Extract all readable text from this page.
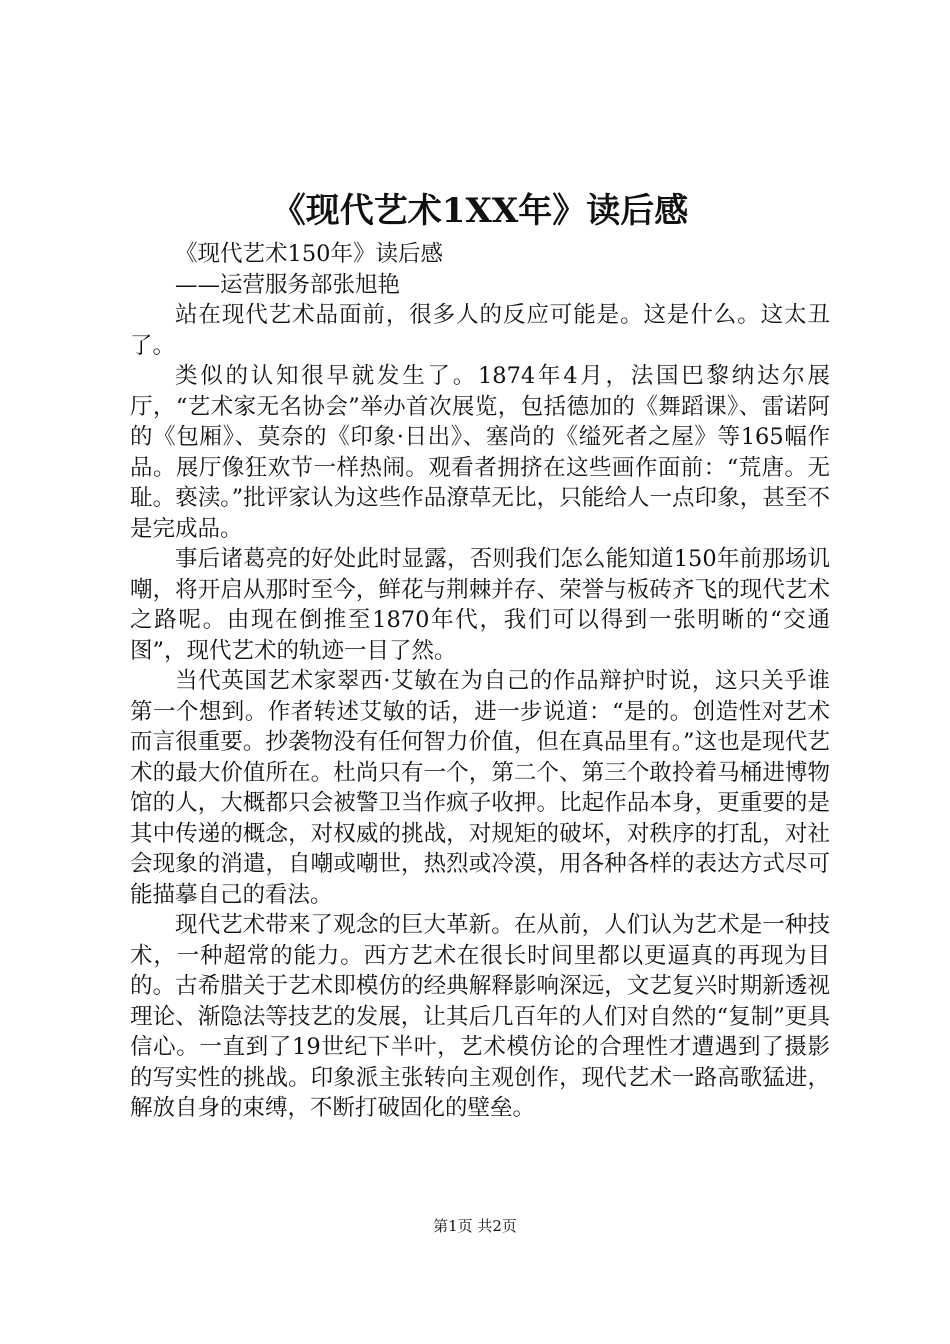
《现代艺术1XX年》读后感

《现代艺术150年》读后感

——运营服务部张旭艳

站在现代艺术品面前，很多人的反应可能是。这是什么。这太丑了。

类似的认知很早就发生了。1874年4月，法国巴黎纳达尔展厅，“艺术家无名协会”举办首次展览，包括德加的《舞蹈课》、雷诺阿的《包厢》、莫奈的《印象·日出》、塞尚的《缢死者之屋》等165幅作品。展厅像狂欢节一样热闹。观看者拥挤在这些画作面前：“荒唐。无耻。亵渎。”批评家认为这些作品潦草无比，只能给人一点印象，甚至不是完成品。

事后诸葛亮的好处此时显露，否则我们怎么能知道150年前那场讥嘲，将开启从那时至今，鲜花与荆棘并存、荣誉与板砖齐飞的现代艺术之路呢。由现在倒推至1870年代，我们可以得到一张明晰的“交通图”，现代艺术的轨迹一目了然。

当代英国艺术家翠西·艾敏在为自己的作品辩护时说，这只关乎谁第一个想到。作者转述艾敏的话，进一步说道：“是的。创造性对艺术而言很重要。抄袭物没有任何智力价值，但在真品里有。”这也是现代艺术的最大价值所在。杜尚只有一个，第二个、第三个敢拎着马桶进博物馆的人，大概都只会被警卫当作疯子收押。比起作品本身，更重要的是其中传递的概念，对权威的挑战，对规矩的破坏，对秩序的打乱，对社会现象的消遣，自嘲或嘲世，热烈或冷漠，用各种各样的表达方式尽可能描摹自己的看法。

现代艺术带来了观念的巨大革新。在从前，人们认为艺术是一种技术，一种超常的能力。西方艺术在很长时间里都以更逼真的再现为目的。古希腊关于艺术即模仿的经典解释影响深远，文艺复兴时期新透视理论、渐隐法等技艺的发展，让其后几百年的人们对自然的“复制”更具信心。一直到了19世纪下半叶，艺术模仿论的合理性才遭遇到了摄影的写实性的挑战。印象派主张转向主观创作，现代艺术一路高歌猛进，解放自身的束缚，不断打破固化的壁垒。

第1页 共2页
